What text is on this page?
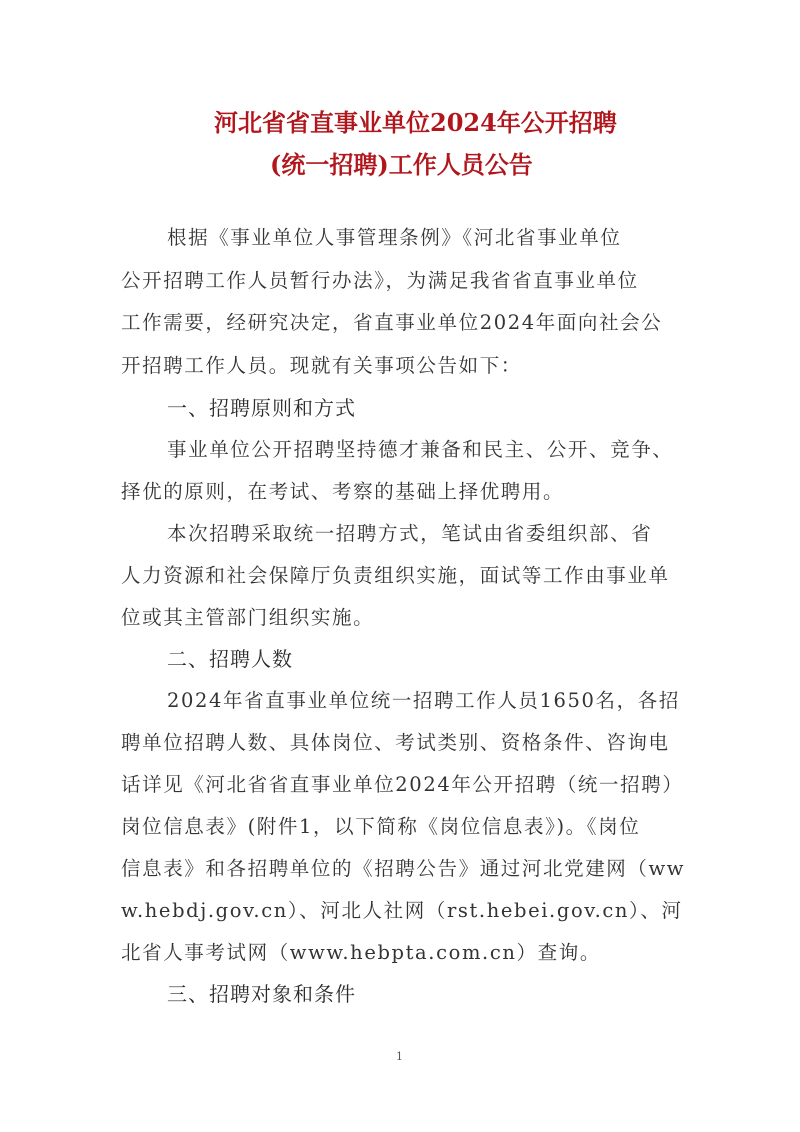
河北省省直事业单位2024年公开招聘
(统一招聘)工作人员公告
根据《事业单位人事管理条例》《河北省事业单位
公开招聘工作人员暂行办法》，为满足我省省直事业单位
工作需要，经研究决定，省直事业单位2024年面向社会公
开招聘工作人员。现就有关事项公告如下：
一、招聘原则和方式
事业单位公开招聘坚持德才兼备和民主、公开、竞争、
择优的原则，在考试、考察的基础上择优聘用。
本次招聘采取统一招聘方式，笔试由省委组织部、省
人力资源和社会保障厅负责组织实施，面试等工作由事业单
位或其主管部门组织实施。
二、招聘人数
2024年省直事业单位统一招聘工作人员1650名，各招
聘单位招聘人数、具体岗位、考试类别、资格条件、咨询电
话详见《河北省省直事业单位2024年公开招聘（统一招聘）
岗位信息表》(附件1，以下简称《岗位信息表》)。《岗位
信息表》和各招聘单位的《招聘公告》通过河北党建网（ww
w.hebdj.gov.cn）、河北人社网（rst.hebei.gov.cn）、河
北省人事考试网（www.hebpta.com.cn）查询。
三、招聘对象和条件
1
